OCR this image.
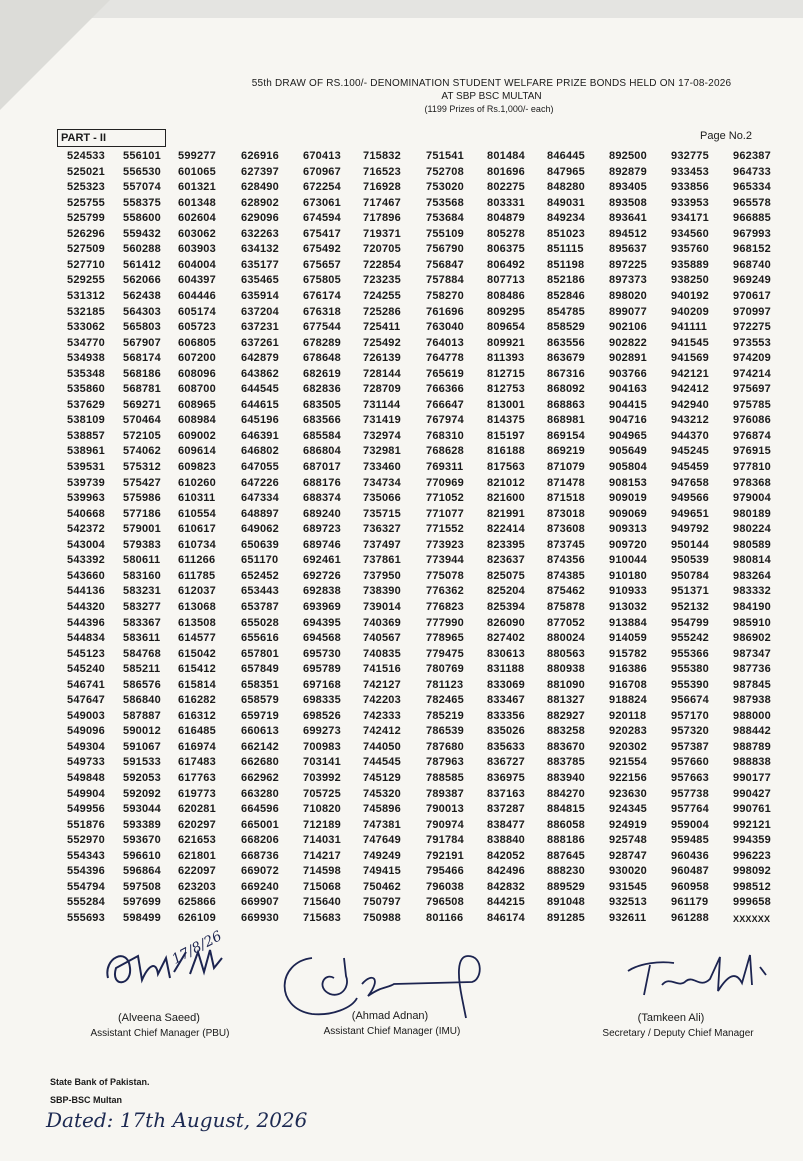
55th DRAW OF RS.100/- DENOMINATION STUDENT WELFARE PRIZE BONDS HELD ON 17-08-2026
AT SBP BSC MULTAN
(1199 Prizes of Rs.1,000/- each)
PART - II	Page No.2
524533
525021
525323
525755
525799
526296
527509
527710
529255
531312
532185
533062
534770
534938
535348
535860
537629
538109
538857
538961
539531
539739
539963
540668
542372
543004
543392
543660
544136
544320
544396
544834
545123
545240
546741
547647
549003
549096
549304
549733
549848
549904
549956
551876
552970
554343
554396
554794
555284
555693
556101
556530
557074
558375
558600
559432
560288
561412
562066
562438
564303
565803
567907
568174
568186
568781
569271
570464
572105
574062
575312
575427
575986
577186
579001
579383
580611
583160
583231
583277
583367
583611
584768
585211
586576
586840
587887
590012
591067
591533
592053
592092
593044
593389
593670
596610
596864
597508
597699
598499
599277
601065
601321
601348
602604
603062
603903
604004
604397
604446
605174
605723
606805
607200
608096
608700
608965
608984
609002
609614
609823
610260
610311
610554
610617
610734
611266
611785
612037
613068
613508
614577
615042
615412
615814
616282
616312
616485
616974
617483
617763
619773
620281
620297
621653
621801
622097
623203
625866
626109
626916
627397
628490
628902
629096
632263
634132
635177
635465
635914
637204
637231
637261
642879
643862
644545
644615
645196
646391
646802
647055
647226
647334
648897
649062
650639
651170
652452
653443
653787
655028
655616
657801
657849
658351
658579
659719
660613
662142
662680
662962
663280
664596
665001
668206
668736
669072
669240
669907
669930
670413
670967
672254
673061
674594
675417
675492
675657
675805
676174
676318
677544
678289
678648
682619
682836
683505
683566
685584
686804
687017
688176
688374
689240
689723
689746
692461
692726
692838
693969
694395
694568
695730
695789
697168
698335
698526
699273
700983
703141
703992
705725
710820
712189
714031
714217
714598
715068
715640
715683
715832
716523
716928
717467
717896
719371
720705
722854
723235
724255
725286
725411
725492
726139
728144
728709
731144
731419
732974
732981
733460
734734
735066
735715
736327
737497
737861
737950
738390
739014
740369
740567
740835
741516
742127
742203
742333
742412
744050
744545
745129
745320
745896
747381
747649
749249
749415
750462
750797
750988
751541
752708
753020
753568
753684
755109
756790
756847
757884
758270
761696
763040
764013
764778
765619
766366
766647
767974
768310
768628
769311
770969
771052
771077
771552
773923
773944
775078
776362
776823
777990
778965
779475
780769
781123
782465
785219
786539
787680
787963
788585
789387
790013
790974
791784
792191
795466
796038
796508
801166
801484
801696
802275
803331
804879
805278
806375
806492
807713
808486
809295
809654
809921
811393
812715
812753
813001
814375
815197
816188
817563
821012
821600
821991
822414
823395
823637
825075
825204
825394
826090
827402
830613
831188
833069
833467
833356
835026
835633
836727
836975
837163
837287
838477
838840
842052
842496
842832
844215
846174
846445
847965
848280
849031
849234
851023
851115
851198
852186
852846
854785
858529
863556
863679
867316
868092
868863
868981
869154
869219
871079
871478
871518
873018
873608
873745
874356
874385
875462
875878
877052
880024
880563
880938
881090
881327
882927
883258
883670
883785
883940
884270
884815
886058
888186
887645
888230
889529
891048
891285
892500
892879
893405
893508
893641
894512
895637
897225
897373
898020
899077
902106
902822
902891
903766
904163
904415
904716
904965
905649
905804
908153
909019
909069
909313
909720
910044
910180
910933
913032
913884
914059
915782
916386
916708
918824
920118
920283
920302
921554
922156
923630
924345
924919
925748
928747
930020
931545
932513
932611
932775
933453
933856
933953
934171
934560
935760
935889
938250
940192
940209
941111
941545
941569
942121
942412
942940
943212
944370
945245
945459
947658
949566
949651
949792
950144
950539
950784
951371
952132
954799
955242
955366
955380
955390
956674
957170
957320
957387
957660
957663
957738
957764
959004
959485
960436
960487
960958
961179
961288
962387
964733
965334
965578
966885
967993
968152
968740
969249
970617
970997
972275
973553
974209
974214
975697
975785
976086
976874
976915
977810
978368
979004
980189
980224
980589
980814
983264
983332
984190
985910
986902
987347
987736
987845
987938
988000
988442
988789
988838
990177
990427
990761
992121
994359
996223
998092
998512
999658
XXXXXX
17/8/26
(Alveena Saeed)
Assistant Chief Manager (PBU)
(Ahmad Adnan)
Assistant Chief Manager (IMU)
(Tamkeen Ali)
Secretary / Deputy Chief Manager
State Bank of Pakistan.
SBP-BSC Multan
Dated: 17th August, 2026
